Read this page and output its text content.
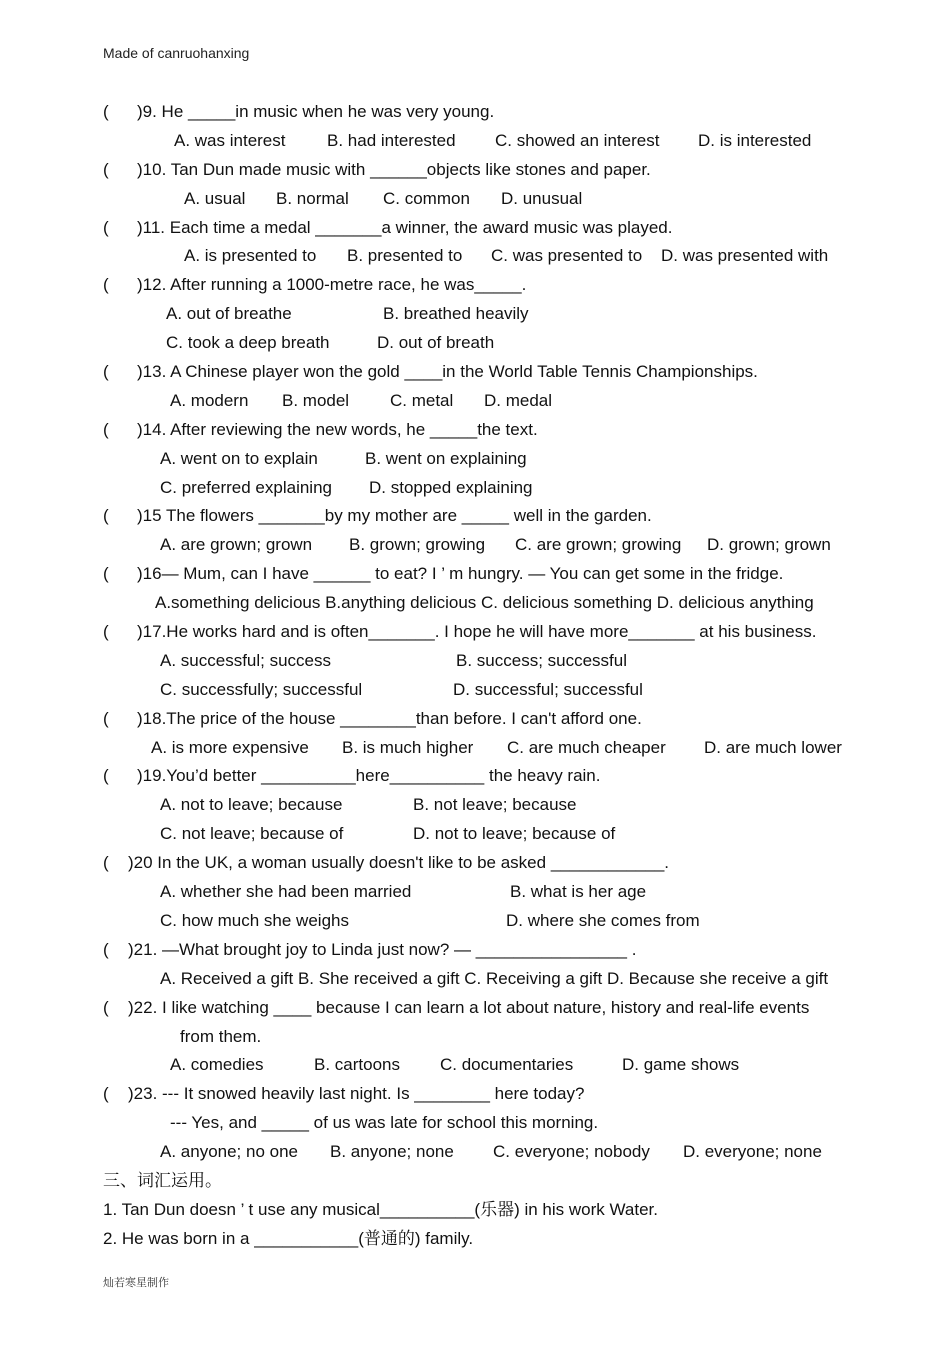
Made of canruohanxing
( )9. He _____in music when he was very young.
A. was interest B. had interested C. showed an interest D. is interested
( )10. Tan Dun made music with ______objects like stones and paper.
A. usual B. normal C. common D. unusual
( )11. Each time a medal _______a winner, the award music was played.
A. is presented to B. presented to C. was presented to D. was presented with
( )12. After running a 1000-metre race, he was_____.
A. out of breathe	B. breathed heavily
C. took a deep breath	D. out of breath
( )13. A Chinese player won the gold ____in the World Table Tennis Championships.
A. modern B. model C. metal D. medal
( )14. After reviewing the new words, he _____the text.
A. went on to explain	B. went on explaining
C. preferred explaining D. stopped explaining
( )15 The flowers _______by my mother are _____ well in the garden.
A. are grown; grown B. grown; growing C. are grown; growing D. grown; grown
( )16— Mum, can I have ______ to eat? I ’ m hungry. — You can get some in the fridge.
A.something delicious B.anything delicious C. delicious something D. delicious anything
( )17.He works hard and is often_______. I hope he will have more_______ at his business.
A. successful; success	B. success; successful
C. successfully; successful	D. successful; successful
( )18.The price of the house ________than before. I can't afford one.
A. is more expensive B. is much higher C. are much cheaper D. are much lower
( )19.You’d better __________here__________ the heavy rain.
A. not to leave; because	B. not leave; because
C. not leave; because of	D. not to leave; because of
( )20 In the UK, a woman usually doesn't like to be asked ____________.
A. whether she had been married	B. what is her age
C. how much she weighs	D. where she comes from
( )21. —What brought joy to Linda just now? — ________________ .
A. Received a gift B. She received a gift C. Receiving a gift D. Because she receive a gift
( )22. I like watching ____ because I can learn a lot about nature, history and real-life events
from them.
A. comedies	B. cartoons C. documentaries	D. game shows
( )23. --- It snowed heavily last night. Is ________ here today?
--- Yes, and _____ of us was late for school this morning.
A. anyone; no one B. anyone; none C. everyone; nobody D. everyone; none
三、词汇运用。
1. Tan Dun doesn ’ t use any musical__________(乐器) in his work Water.
2. He was born in a ___________(普通的) family.
灿若寒星制作
